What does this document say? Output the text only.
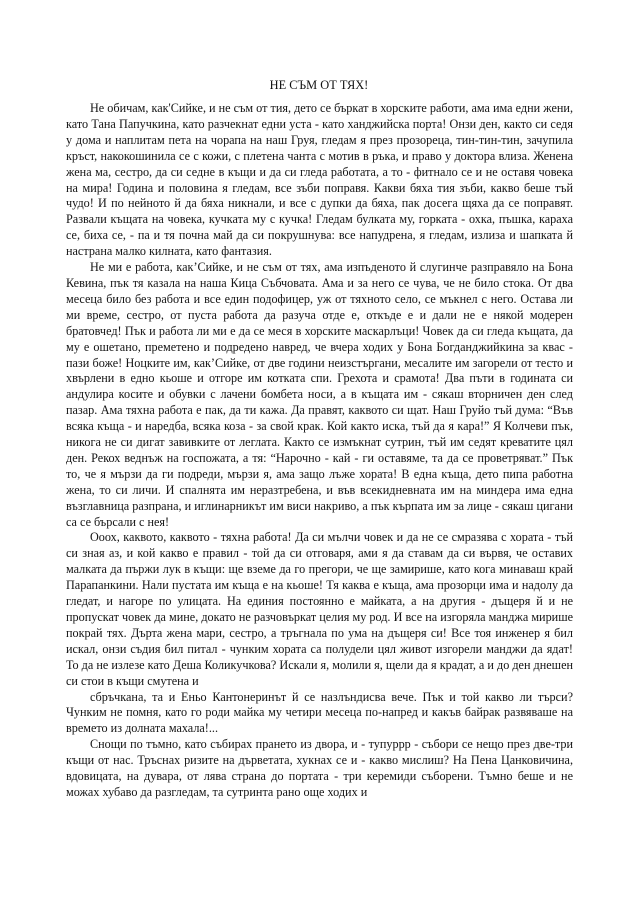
НЕ СЪМ ОТ ТЯХ!

Не обичам, как'Сийке, и не съм от тия, дето се бъркат в хорските работи, ама има едни жени, като Тана Папучкина, като разчекнат едни уста - като ханджийска порта! Онзи ден, както си седя у дома и наплитам пета на чорапа на наш Груя, гледам я през прозореца, тин-тин-тин, зачупила кръст, накокошинила се с кожи, с плетена чанта с мотив в ръка, и право у доктора влиза. Женена жена ма, сестро, да си седне в къщи и да си гледа работата, а то - фитнало се и не оставя човека на мира! Година и половина я гледам, все зъби поправя. Какви бяха тия зъби, какво беше тъй чудо! И по нейното й да бяха никнали, и все с дупки да бяха, пак досега щяха да се поправят. Развали къщата на човека, кучката му с кучка! Гледам булката му, горката - охка, пъшка, караха се, биха се, - па и тя почна май да си покрушнува: все напудрена, я гледам, излиза и шапката й настрана малко килната, като фантазия.

Не ми е работа, как’Сийке, и не съм от тях, ама изпъденото й слугинче разправяло на Бона Кевина, пък тя казала на наша Кица Събчовата. Ама и за него се чува, че не било стока. От два месеца било без работа и все един подофицер, уж от тяхното село, се мъкнел с него. Остава ли ми време, сестро, от пуста работа да разуча отде е, откъде е и дали не е някой модерен братовчед! Пък и работа ли ми е да се меся в хорските маскарлъци! Човек да си гледа къщата, да му е ошетано, преметено и подредено навред, че вчера ходих у Бона Богданджийкина за квас - пази боже! Ноцките им, как’Сийке, от две години неизстъргани, месалите им загорели от тесто и хвърлени в едно кьоше и отгоре им котката спи. Грехота и срамота! Два пъти в годината си андулира косите и обувки с лачени бомбета носи, а в къщата им - сякаш вторничен ден след пазар. Ама тяхна работа е пак, да ти кажа. Да правят, каквото си щат. Наш Груйо тъй дума: “Във всяка къща - и наредба, всяка коза - за свой крак. Кой както иска, тъй да я кара!” Я Колчеви пък, никога не си дигат завивките от леглата. Както се измъкнат сутрин, тъй им седят креватите цял ден. Рекох веднъж на госпожата, а тя: “Нарочно - кай - ги оставяме, та да се проветряват.” Пък то, че я мързи да ги подреди, мързи я, ама защо лъже хората! В една къща, дето пипа работна жена, то си личи. И спалнята им неразтребена, и във всекидневната им на миндера има една възглавница разпрана, и иглинарникът им виси накриво, а пък кърпата им за лице - сякаш цигани са се бърсали с нея!

Ооох, каквото, каквото - тяхна работа! Да си мълчи човек и да не се смразява с хората - тъй си зная аз, и кой какво е правил - той да си отговаря, ами я да ставам да си вървя, че оставих малката да пържи лук в къщи: ще вземе да го прегори, че ще замирише, като кога минаваш край Парапанкини. Нали пустата им къща е на кьоше! Тя каква е къща, ама прозорци има и надолу да гледат, и нагоре по улицата. На единия постоянно е майката, а на другия - дъщеря й и не пропускат човек да мине, докато не разчовъркат целия му род. И все на изгоряла манджа мирише покрай тях. Дъртa жена мари, сестро, а тръгнала по ума на дъщеря си! Все тоя инженер я бил искал, онзи съдия бил питал - чунким хората са полудели цял живот изгорели манджи да ядат! То да не излезе като Деша Коликучкова? Искали я, молили я, щели да я крадат, а и до ден днешен си стои в къщи смутена и

сбръчкана, та и Еньо Кантонеринът й се назлъндисва вече. Пък и той какво ли търси? Чунким не помня, като го роди майка му четири месеца по-напред и какъв байрак развяваше на времето из долната махала!...

Снощи по тъмно, като събирах прането из двора, и - тупуррр - събори се нещо през две-три къщи от нас. Тръснах ризите на дърветата, хукнах се и - какво мислиш? На Пена Цанковичина, вдовицата, на дувара, от лява страна до портата - три керемиди съборени. Тъмно беше и не можах хубаво да разгледам, та сутринта рано още ходих и
